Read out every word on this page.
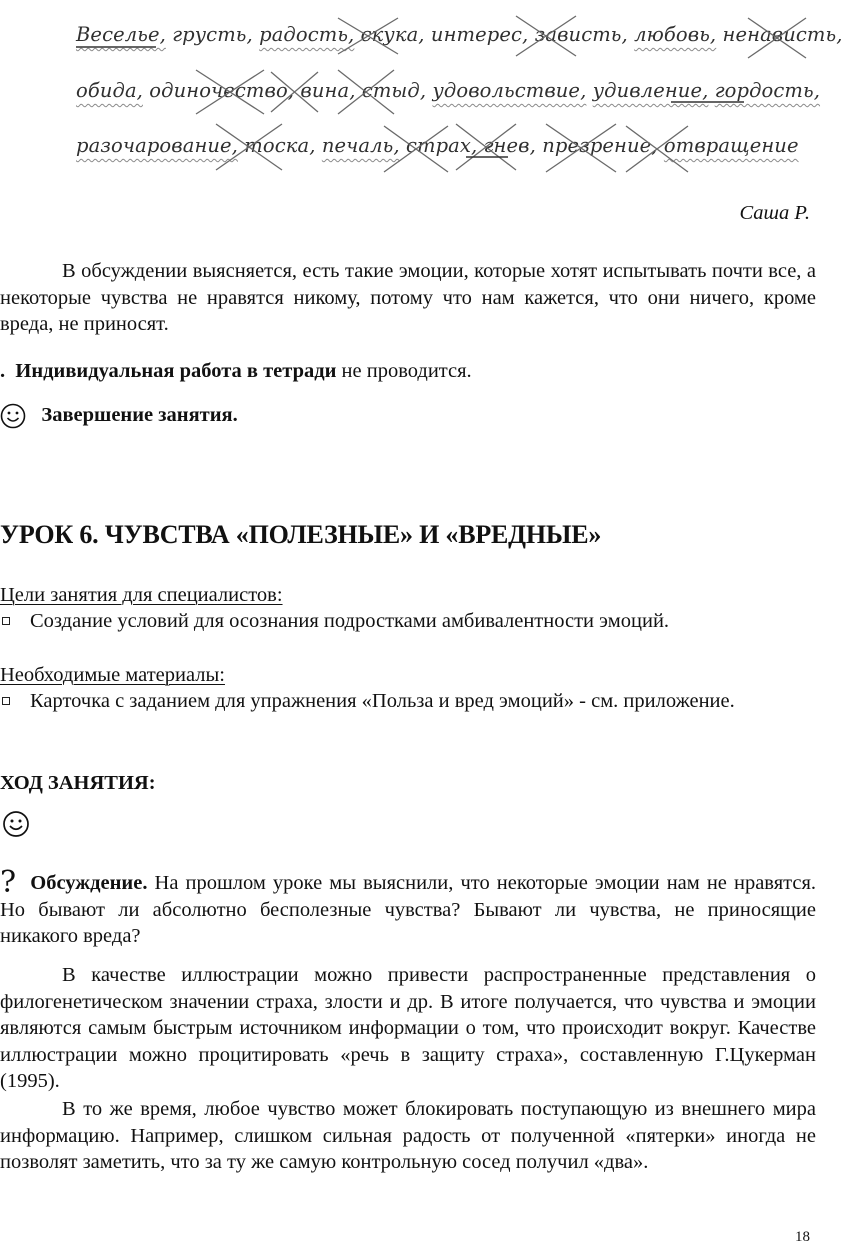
Веселье, грусть, радость, скука, интерес, зависть, любовь, ненависть,
обида, одиночество, вина, стыд, удовольствие, удивление, гордость,
разочарование, тоска, печаль, страх, гнев, презрение, отвращение
Саша Р.

В обсуждении выясняется, есть такие эмоции, которые хотят испытывать почти все, а некоторые чувства не нравятся никому, потому что нам кажется, что они ничего, кроме вреда, не приносят.

. Индивидуальная работа в тетради не проводится.
Завершение занятия.
УРОК 6. ЧУВСТВА «ПОЛЕЗНЫЕ» И «ВРЕДНЫЕ»
Цели занятия для специалистов:
Создание условий для осознания подростками амбивалентности эмоций.
Необходимые материалы:
Карточка с заданием для упражнения «Польза и вред эмоций» - см. приложение.
ХОД ЗАНЯТИЯ:

? Обсуждение. На прошлом уроке мы выяснили, что некоторые эмоции нам не нравятся. Но бывают ли абсолютно бесполезные чувства? Бывают ли чувства, не приносящие никакого вреда?

В качестве иллюстрации можно привести распространенные представления о филогенетическом значении страха, злости и др. В итоге получается, что чувства и эмоции являются самым быстрым источником информации о том, что происходит вокруг. Качестве иллюстрации можно процитировать «речь в защиту страха», составленную Г.Цукерман (1995).

В то же время, любое чувство может блокировать поступающую из внешнего мира информацию. Например, слишком сильная радость от полученной «пятерки» иногда не позволят заметить, что за ту же самую контрольную сосед получил «два».

18
